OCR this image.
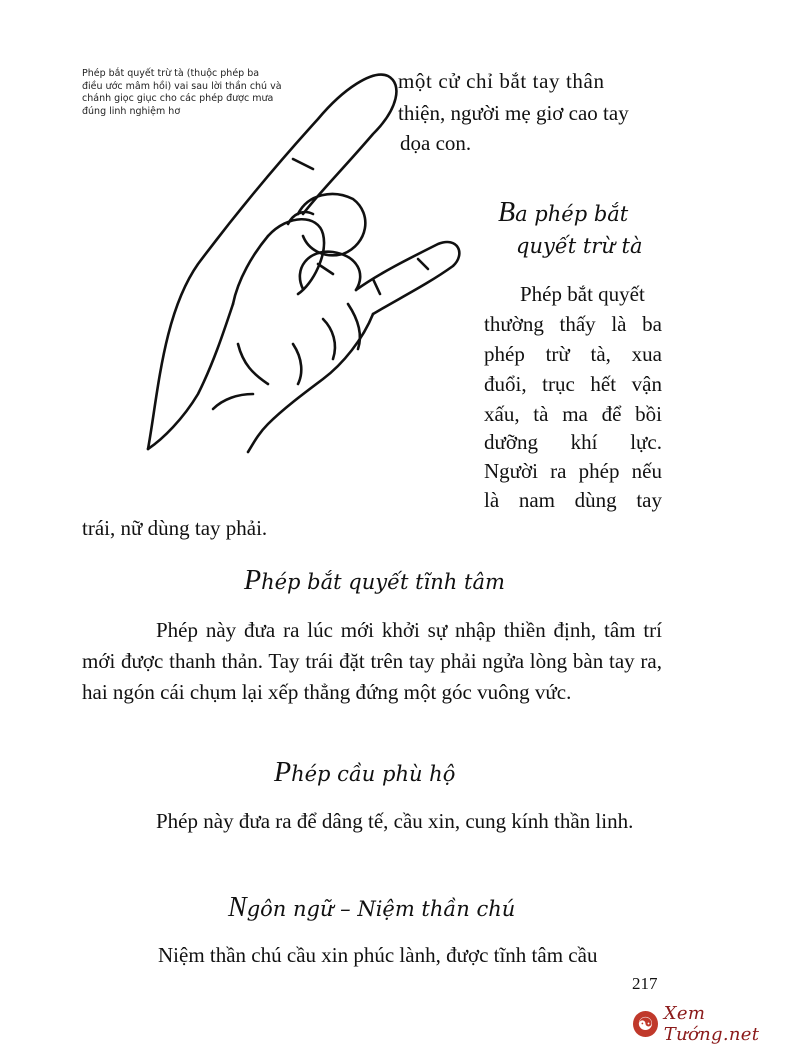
Phép bắt quyết trừ tà (thuộc phép ba điều ước mâm hồi) vai sau lời thần chú và chánh giọc giục cho các phép được mưa đúng linh nghiệm hơ
một cử chỉ bắt tay thân
thiện, người mẹ giơ cao tay
dọa con.
Ba phép bắt
quyết trừ tà
Phép bắt quyết
thường thấy là ba
phép trừ tà, xua
đuổi, trục hết vận
xấu, tà ma để bồi
dưỡng khí lực.
Người ra phép nếu
là nam dùng tay
trái, nữ dùng tay phải.
Phép bắt quyết tĩnh tâm
Phép này đưa ra lúc mới khởi sự nhập thiền định, tâm trí mới được thanh thản. Tay trái đặt trên tay phải ngửa lòng bàn tay ra, hai ngón cái chụm lại xếp thẳng đứng một góc vuông vức.
Phép cầu phù hộ
Phép này đưa ra để dâng tế, cầu xin, cung kính thần linh.
Ngôn ngữ – Niệm thần chú
Niệm thần chú cầu xin phúc lành, được tĩnh tâm cầu
217
☯ Xem Tướng.net
